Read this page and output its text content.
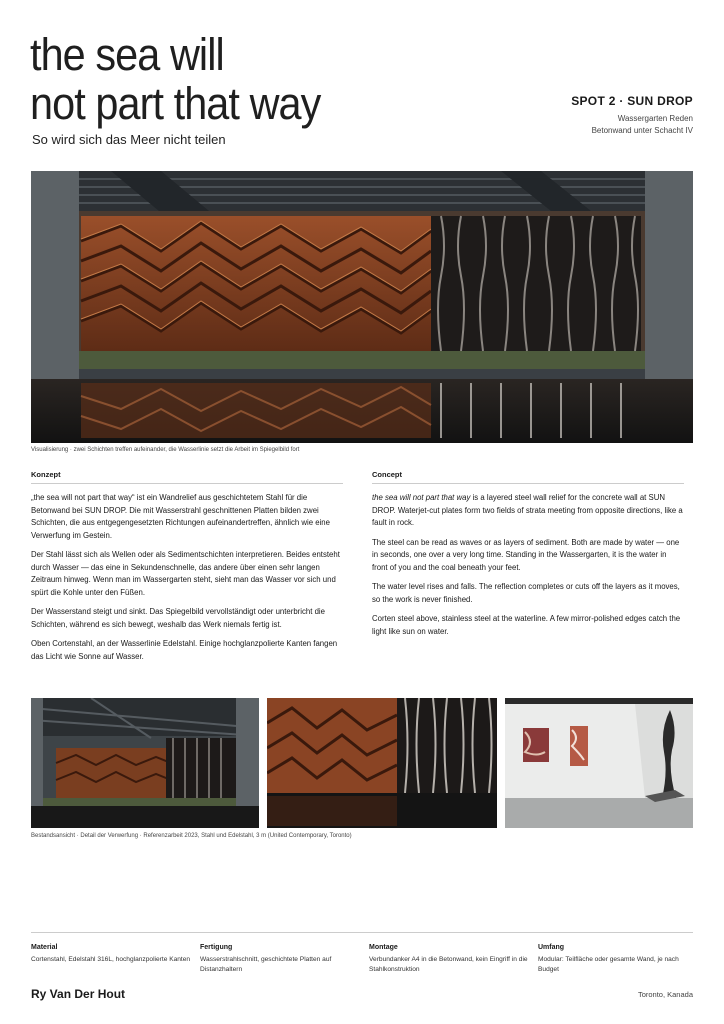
the sea will
not part that way
So wird sich das Meer nicht teilen
SPOT 2 · SUN DROP
Wassergarten Reden
Betonwand unter Schacht IV
Visualisierung · zwei Schichten treffen aufeinander, die Wasserlinie setzt die Arbeit im Spiegelbild fort
Konzept

„the sea will not part that way“ ist ein Wandrelief aus geschichtetem Stahl für die Betonwand bei SUN DROP. Die mit Wasserstrahl geschnittenen Platten bilden zwei Schichten, die aus entgegengesetzten Richtungen aufeinandertreffen, ähnlich wie eine Verwerfung im Gestein.

Der Stahl lässt sich als Wellen oder als Sedimentschichten interpretieren. Beides entsteht durch Wasser — das eine in Sekundenschnelle, das andere über einen sehr langen Zeitraum hinweg. Wenn man im Wassergarten steht, sieht man das Wasser vor sich und spürt die Kohle unter den Füßen.

Der Wasserstand steigt und sinkt. Das Spiegelbild vervollständigt oder unterbricht die Schichten, während es sich bewegt, weshalb das Werk niemals fertig ist.

Oben Cortenstahl, an der Wasserlinie Edelstahl. Einige hochglanzpolierte Kanten fangen das Licht wie Sonne auf Wasser.

Concept

the sea will not part that way is a layered steel wall relief for the concrete wall at SUN DROP. Waterjet-cut plates form two fields of strata meeting from opposite directions, like a fault in rock.

The steel can be read as waves or as layers of sediment. Both are made by water — one in seconds, one over a very long time. Standing in the Wassergarten, it is the water in front of you and the coal beneath your feet.

The water level rises and falls. The reflection completes or cuts off the layers as it moves, so the work is never finished.

Corten steel above, stainless steel at the waterline. A few mirror-polished edges catch the light like sun on water.

Bestandsansicht · Detail der Verwerfung · Referenzarbeit 2023, Stahl und Edelstahl, 3 m (United Contemporary, Toronto)
Material
Cortenstahl, Edelstahl 316L, hochglanzpolierte Kanten
Fertigung
Wasserstrahlschnitt, geschichtete Platten auf Distanzhaltern
Montage
Verbundanker A4 in die Betonwand, kein Eingriff in die Stahlkonstruktion
Umfang
Modular: Teilfläche oder gesamte Wand, je nach Budget
Ry Van Der Hout	Toronto, Kanada
